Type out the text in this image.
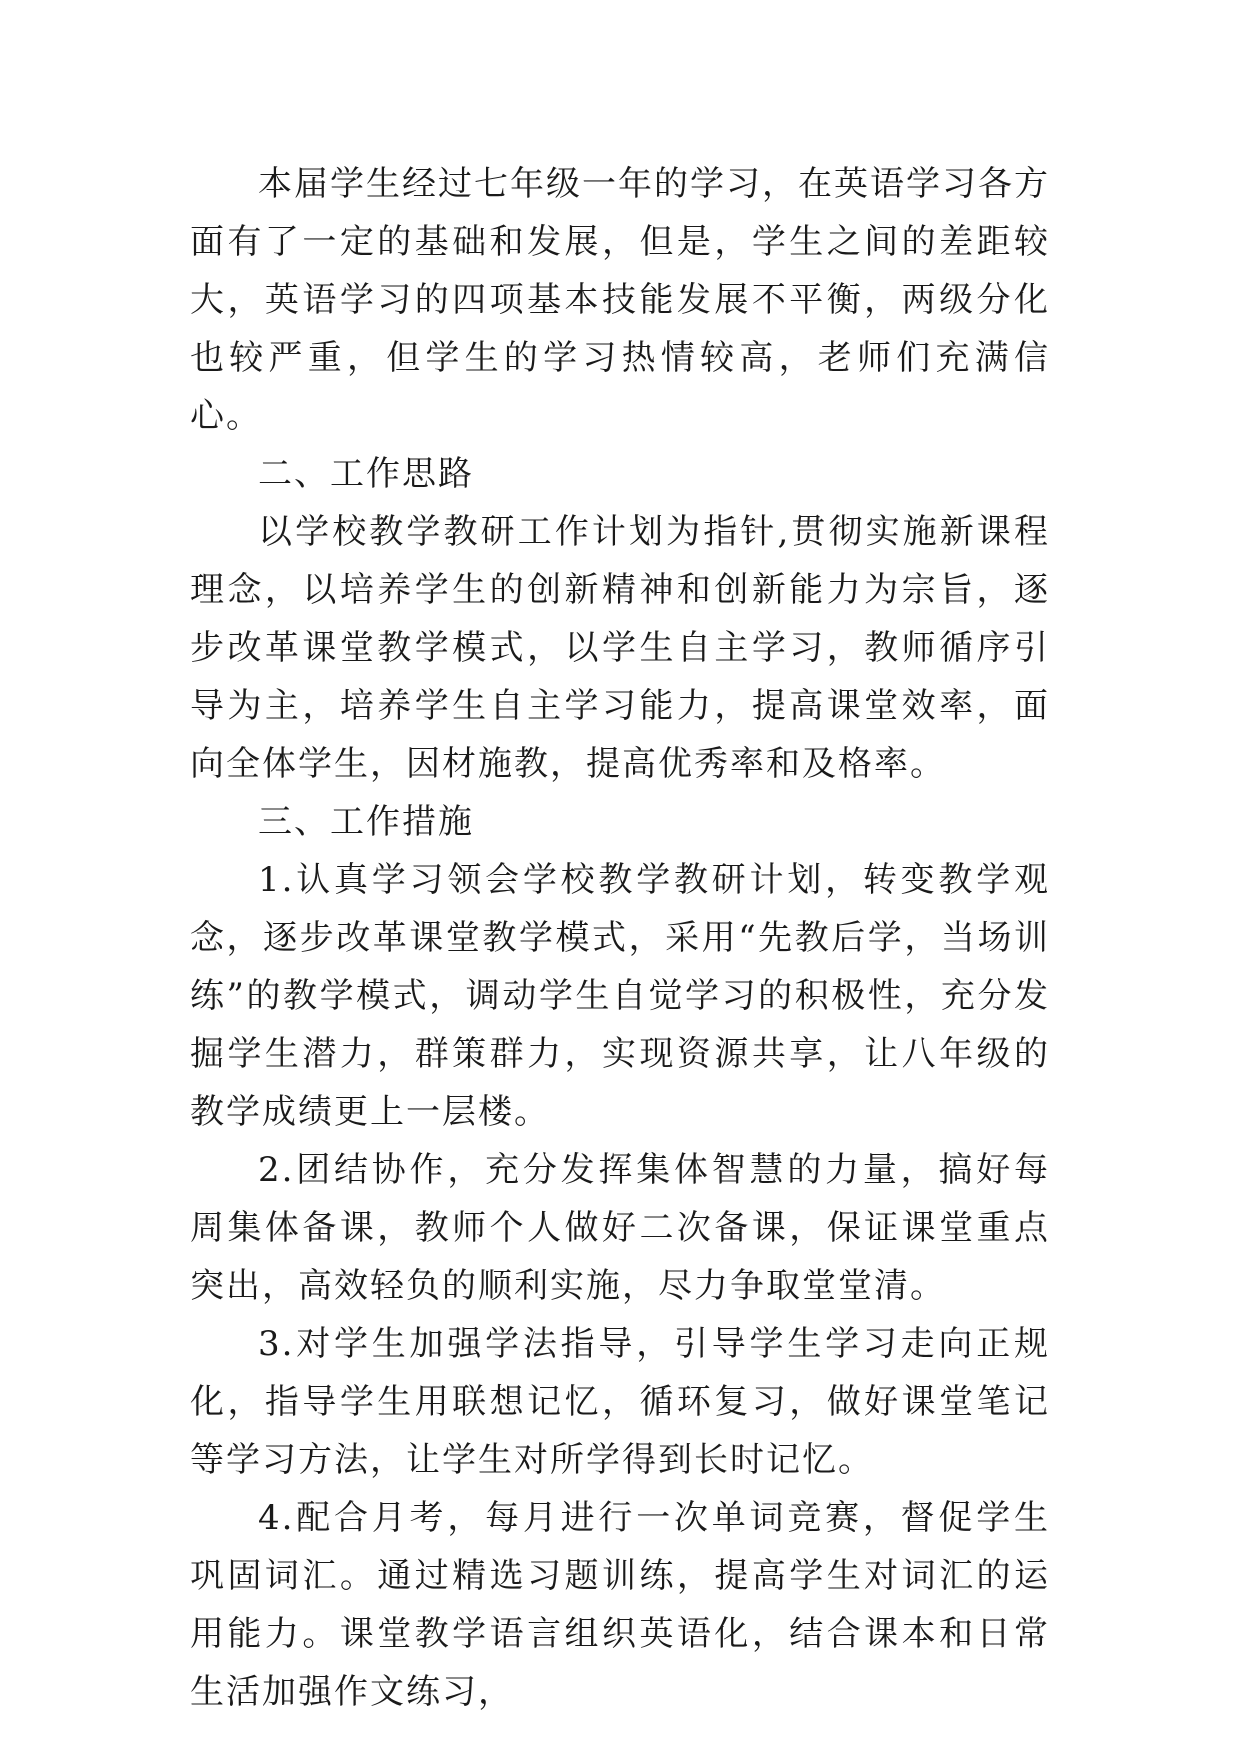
本届学生经过七年级一年的学习，在英语学习各方面有了一定的基础和发展，但是，学生之间的差距较大，英语学习的四项基本技能发展不平衡，两级分化也较严重，但学生的学习热情较高，老师们充满信心。

二、工作思路

以学校教学教研工作计划为指针,贯彻实施新课程理念，以培养学生的创新精神和创新能力为宗旨，逐步改革课堂教学模式，以学生自主学习，教师循序引导为主，培养学生自主学习能力，提高课堂效率，面向全体学生，因材施教，提高优秀率和及格率。

三、工作措施

1.认真学习领会学校教学教研计划，转变教学观念，逐步改革课堂教学模式，采用“先教后学，当场训练”的教学模式，调动学生自觉学习的积极性，充分发掘学生潜力，群策群力，实现资源共享，让八年级的教学成绩更上一层楼。

2.团结协作，充分发挥集体智慧的力量，搞好每周集体备课，教师个人做好二次备课，保证课堂重点突出，高效轻负的顺利实施，尽力争取堂堂清。

3.对学生加强学法指导，引导学生学习走向正规化，指导学生用联想记忆，循环复习，做好课堂笔记等学习方法，让学生对所学得到长时记忆。

4.配合月考，每月进行一次单词竞赛，督促学生巩固词汇。通过精选习题训练，提高学生对词汇的运用能力。课堂教学语言组织英语化，结合课本和日常生活加强作文练习，
